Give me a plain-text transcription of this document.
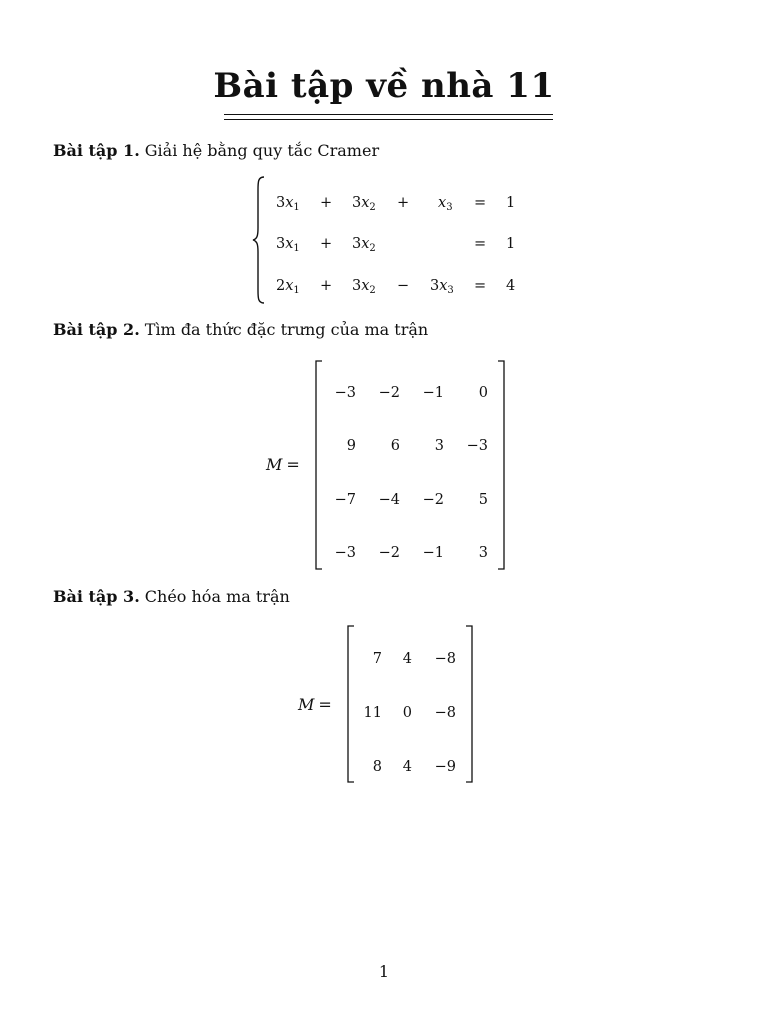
Bài tập về nhà 11
Bài tập 1. Giải hệ bằng quy tắc Cramer
$3x_1 + 3x_2 + x_3 = 1$
$3x_1 + 3x_2$	= 1
$2x_1 + 3x_2 - 3x_3 = 4$
Bài tập 2. Tìm đa thức đặc trưng của ma trận
M =
−3	−2	−1	0
9	6	3	−3
−7	−4	−2	5
−3	−2	−1	3
Bài tập 3. Chéo hóa ma trận
M =
7	4	−8
11	0	−8
8	4	−9
1
